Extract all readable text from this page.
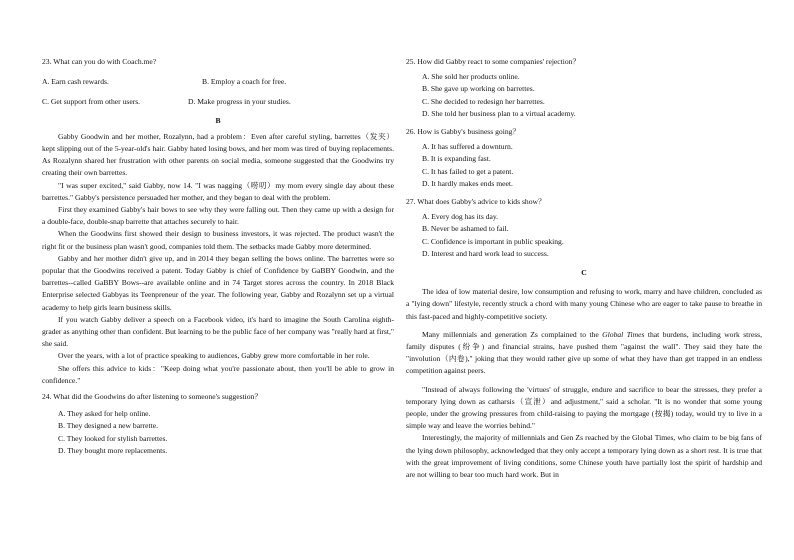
23. What can you do with Coach.me?

A. Earn cash rewards.	B. Employ a coach for free.
C. Get support from other users.	D. Make progress in your studies.

B

Gabby Goodwin and her mother, Rozalynn, had a problem：Even after careful styling, barrettes（发夹）kept slipping out of the 5-year-old's hair. Gabby hated losing bows, and her mom was tired of buying replacements. As Rozalynn shared her frustration with other parents on social media, someone suggested that the Goodwins try creating their own barrettes.

"I was super excited," said Gabby, now 14. "I was nagging（唠叨）my mom every single day about these barrettes." Gabby's persistence persuaded her mother, and they began to deal with the problem.

First they examined Gabby's hair bows to see why they were falling out. Then they came up with a design for a double-face, double-snap barrette that attaches securely to hair.

When the Goodwins first showed their design to business investors, it was rejected. The product wasn't the right fit or the business plan wasn't good, companies told them. The setbacks made Gabby more determined.

Gabby and her mother didn't give up, and in 2014 they began selling the bows online. The barrettes were so popular that the Goodwins received a patent. Today Gabby is chief of Confidence by GaBBY Goodwin, and the barrettes--called GaBBY Bows--are available online and in 74 Target stores across the country. In 2018 Black Enterprise selected Gabbyas its Teenpreneur of the year. The following year, Gabby and Rozalynn set up a virtual academy to help girls learn business skills.

If you watch Gabby deliver a speech on a Facebook video, it's hard to imagine the South Carolina eighth-grader as anything other than confident. But learning to be the public face of her company was "really hard at first," she said.

Over the years, with a lot of practice speaking to audiences, Gabby grew more comfortable in her role.

She offers this advice to kids："Keep doing what you're passionate about, then you'll be able to grow in confidence."

24. What did the Goodwins do after listening to someone's suggestion？

A. They asked for help online.

B. They designed a new barrette.

C. They looked for stylish barrettes.

D. They bought more replacements.

25. How did Gabby react to some companies' rejection？

A. She sold her products online.

B. She gave up working on barrettes.

C. She decided to redesign her barrettes.

D. She told her business plan to a virtual academy.

26. How is Gabby's business going？

A. It has suffered a downturn.

B. It is expanding fast.

C. It has failed to get a patent.

D. It hardly makes ends meet.

27. What does Gabby's advice to kids show？

A. Every dog has its day.

B. Never be ashamed to fail.

C. Confidence is important in public speaking.

D. Interest and hard work lead to success.

C

The idea of low material desire, low consumption and refusing to work, marry and have children, concluded as a "lying down" lifestyle, recently struck a chord with many young Chinese who are eager to take pause to breathe in this fast-paced and highly-competitive society.

Many millennials and generation Zs complained to the Global Times that burdens, including work stress, family disputes (纷争) and financial strains, have pushed them "against the wall". They said they hate the "involution（内卷)," joking that they would rather give up some of what they have than get trapped in an endless competition against peers.

"Instead of always following the 'virtues' of struggle, endure and sacrifice to bear the stresses, they prefer a temporary lying down as catharsis（宣泄）and adjustment," said a scholar. "It is no wonder that some young people, under the growing pressures from child-raising to paying the mortgage (按揭) today, would try to live in a simple way and leave the worries behind."

Interestingly, the majority of millennials and Gen Zs reached by the Global Times, who claim to be big fans of the lying down philosophy, acknowledged that they only accept a temporary lying down as a short rest. It is true that with the great improvement of living conditions, some Chinese youth have partially lost the spirit of hardship and are not willing to bear too much hard work. But in
